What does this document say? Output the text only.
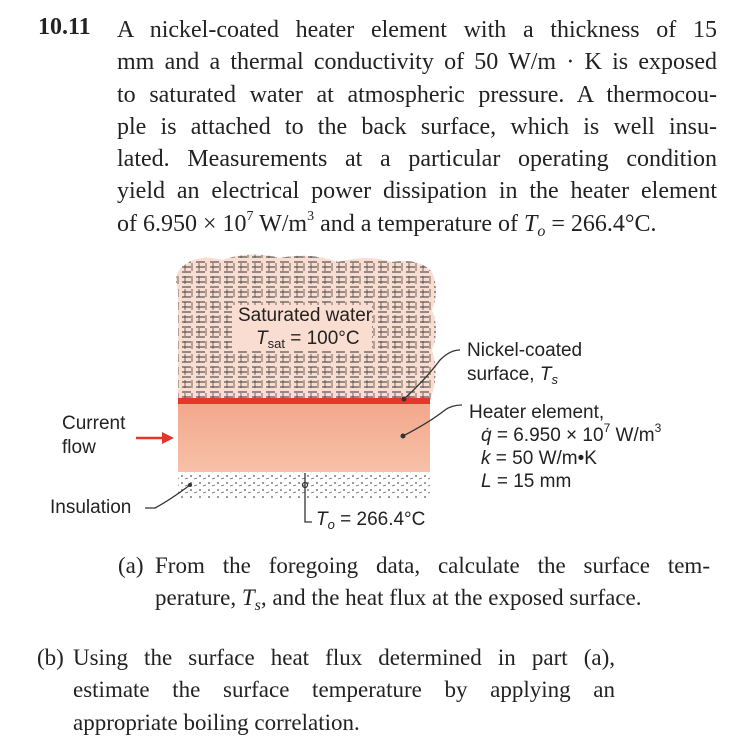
10.11 A nickel-coated heater element with a thickness of 15
mm and a thermal conductivity of 50 W/m · K is exposed
to saturated water at atmospheric pressure. A thermocou-
ple is attached to the back surface, which is well insu-
lated. Measurements at a particular operating condition
yield an electrical power dissipation in the heater element
of $6.950 \times 10^7$ $W/m^3$ and a temperature of $T_o = 266.4^\circ C$.
Saturated water
$T_{sat} = 100^\circ C$
Nickel-coated
surface, $T_s$
Heater element,
q̇ = $6.950 \times 10^7$ $W/m^3$
k = 50 W/m•K
L = 15 mm
Current
flow
Insulation
$T_o = 266.4^\circ C$
(a) From the foregoing data, calculate the surface tem-
perature, $T_s$, and the heat flux at the exposed surface.
(b) Using the surface heat flux determined in part (a),
estimate the surface temperature by applying an
appropriate boiling correlation.
